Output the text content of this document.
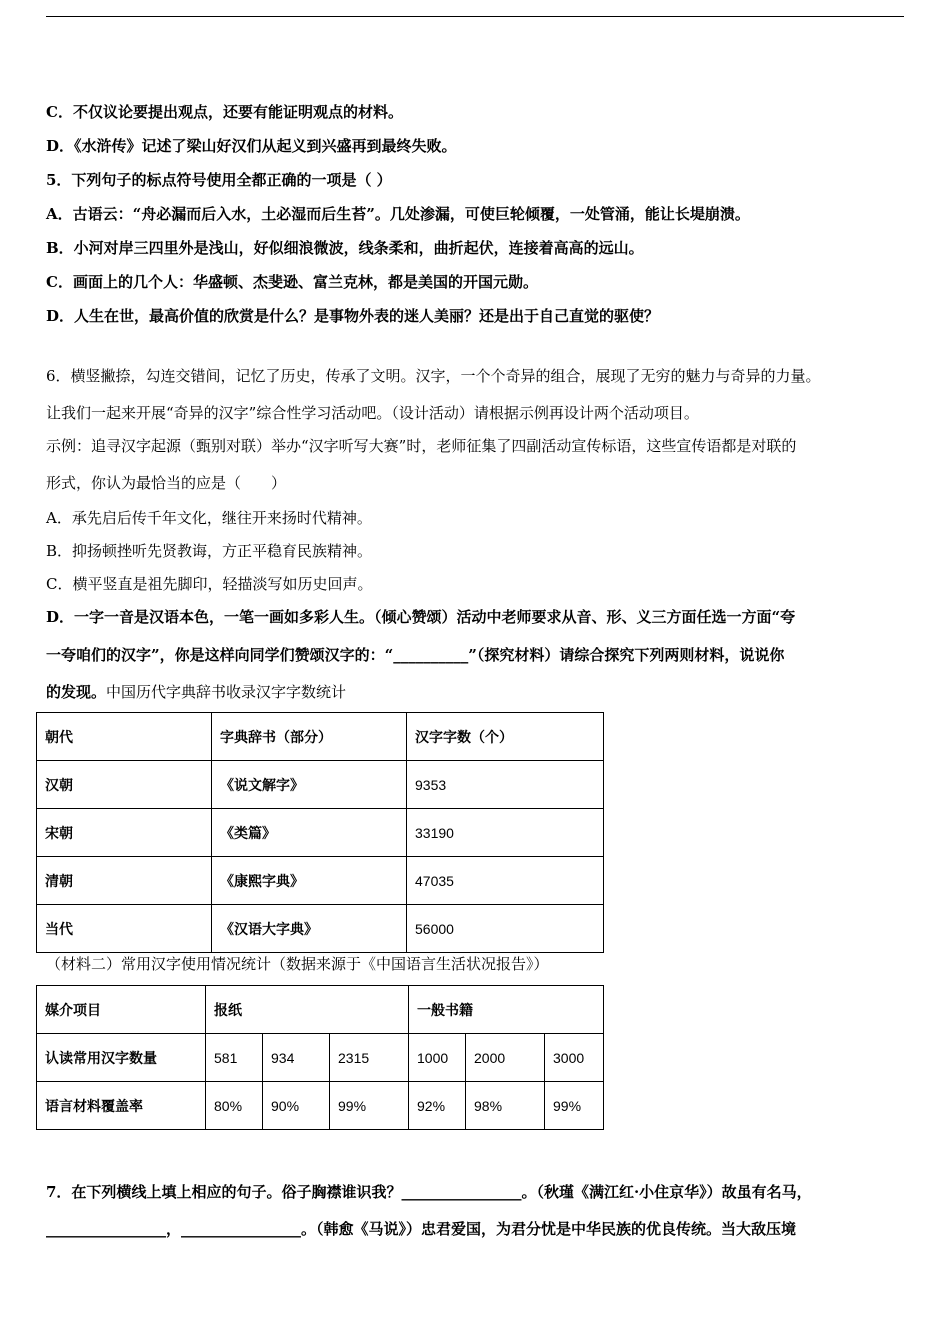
C．不仅议论要提出观点，还要有能证明观点的材料。
D．《水浒传》记述了梁山好汉们从起义到兴盛再到最终失败。
5．下列句子的标点符号使用全都正确的一项是（ ）
A．古语云：“舟必漏而后入水，土必湿而后生苔”。几处渗漏，可使巨轮倾覆，一处管涌，能让长堤崩溃。
B．小河对岸三四里外是浅山，好似细浪微波，线条柔和，曲折起伏，连接着高高的远山。
C．画面上的几个人：华盛顿、杰斐逊、富兰克林，都是美国的开国元勋。
D．人生在世，最高价值的欣赏是什么？是事物外表的迷人美丽？还是出于自己直觉的驱使？
6．横竖撇捺，勾连交错间，记忆了历史，传承了文明。汉字，一个个奇异的组合，展现了无穷的魅力与奇异的力量。
让我们一起来开展“奇异的汉字”综合性学习活动吧。（设计活动）请根据示例再设计两个活动项目。
示例：追寻汉字起源（甄别对联）举办“汉字听写大赛”时，老师征集了四副活动宣传标语，这些宣传语都是对联的
形式，你认为最恰当的应是（　　）
A．承先启后传千年文化，继往开来扬时代精神。
B．抑扬顿挫听先贤教诲，方正平稳育民族精神。
C．横平竖直是祖先脚印，轻描淡写如历史回声。
D．一字一音是汉语本色，一笔一画如多彩人生。（倾心赞颂）活动中老师要求从音、形、义三方面任选一方面“夸
一夸咱们的汉字”，你是这样向同学们赞颂汉字的：“__________”（探究材料）请综合探究下列两则材料，说说你
的发现。中国历代字典辞书收录汉字字数统计
朝代	字典辞书（部分）	汉字字数（个）
汉朝	《说文解字》	9353
宋朝	《类篇》	33190
清朝	《康熙字典》	47035
当代	《汉语大字典》	56000
（材料二）常用汉字使用情况统计（数据来源于《中国语言生活状况报告》）
媒介项目	报纸			一般书籍		
认读常用汉字数量	581	934	2315	1000	2000	3000
语言材料覆盖率	80%	90%	99%	92%	98%	99%
7．在下列横线上填上相应的句子。俗子胸襟谁识我？________________。（秋瑾《满江红·小住京华》）故虽有名马，
________________，________________。（韩愈《马说》）忠君爱国，为君分忧是中华民族的优良传统。当大敌压境
